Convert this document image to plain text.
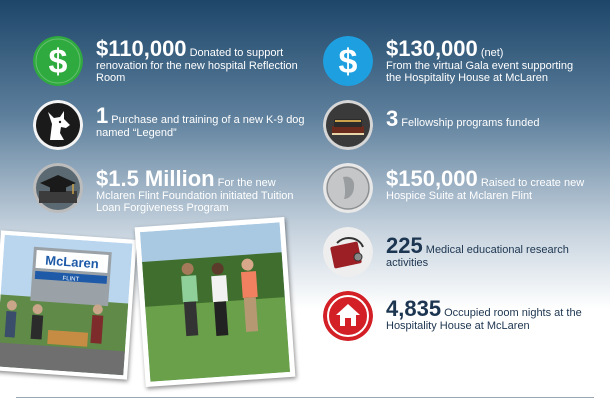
$ $110,000 Donated to support renovation for the new hospital Reflection Room	$ $130,000 (net)
From the virtual Gala event supporting the Hospitality House at McLaren
1 Purchase and training of a new K-9 dog named “Legend”
3 Fellowship programs funded
$1.5 Million For the new Mclaren Flint Foundation initiated Tuition Loan Forgiveness Program
$150,000 Raised to create new Hospice Suite at Mclaren Flint
225 Medical educational research activities
4,835 Occupied room nights at the Hospitality House at McLaren
McLaren
FLINT
